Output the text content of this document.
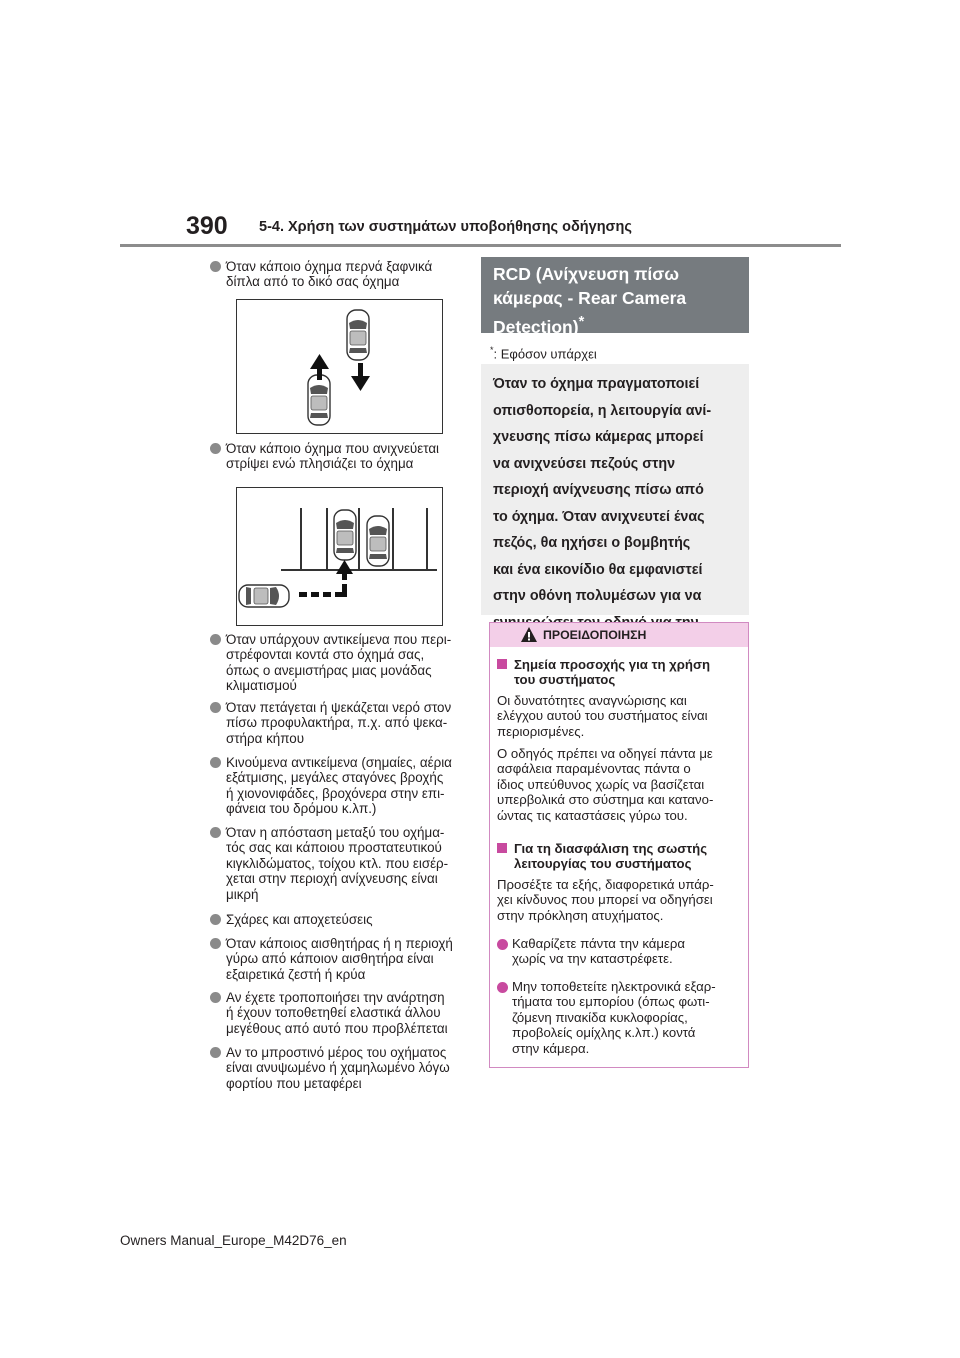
390 5-4. Χρήση των συστημάτων υποβοήθησης οδήγησης
Όταν κάποιο όχημα περνά ξαφνικά
δίπλα από το δικό σας όχημα
Όταν κάποιο όχημα που ανιχνεύεται
στρίψει ενώ πλησιάζει το όχημα
Όταν υπάρχουν αντικείμενα που περι-
στρέφονται κοντά στο όχημά σας,
όπως ο ανεμιστήρας μιας μονάδας
κλιματισμού
Όταν πετάγεται ή ψεκάζεται νερό στον
πίσω προφυλακτήρα, π.χ. από ψεκα-
στήρα κήπου
Κινούμενα αντικείμενα (σημαίες, αέρια
εξάτμισης, μεγάλες σταγόνες βροχής
ή χιονονιφάδες, βροχόνερα στην επι-
φάνεια του δρόμου κ.λπ.)
Όταν η απόσταση μεταξύ του οχήμα-
τός σας και κάποιου προστατευτικού
κιγκλιδώματος, τοίχου κτλ. που εισέρ-
χεται στην περιοχή ανίχνευσης είναι
μικρή
Σχάρες και αποχετεύσεις
Όταν κάποιος αισθητήρας ή η περιοχή
γύρω από κάποιον αισθητήρα είναι
εξαιρετικά ζεστή ή κρύα
Αν έχετε τροποποιήσει την ανάρτηση
ή έχουν τοποθετηθεί ελαστικά άλλου
μεγέθους από αυτό που προβλέπεται
Αν το μπροστινό μέρος του οχήματος
είναι ανυψωμένο ή χαμηλωμένο λόγω
φορτίου που μεταφέρει
RCD (Ανίχνευση πίσω
κάμερας - Rear Camera
Detection)*
*: Εφόσον υπάρχει
Όταν το όχημα πραγματοποιεί
οπισθοπορεία, η λειτουργία ανί-
χνευσης πίσω κάμερας μπορεί
να ανιχνεύσει πεζούς στην
περιοχή ανίχνευσης πίσω από
το όχημα. Όταν ανιχνευτεί ένας
πεζός, θα ηχήσει ο βομβητής
και ένα εικονίδιο θα εμφανιστεί
στην οθόνη πολυμέσων για να

ΠΡΟΕΙΔΟΠΟΙΗΣΗ
Σημεία προσοχής για τη χρήση
του συστήματος
Οι δυνατότητες αναγνώρισης και
ελέγχου αυτού του συστήματος είναι
περιορισμένες.
Ο οδηγός πρέπει να οδηγεί πάντα με
ασφάλεια παραμένοντας πάντα ο
ίδιος υπεύθυνος χωρίς να βασίζεται
υπερβολικά στο σύστημα και κατανο-
ώντας τις καταστάσεις γύρω του.
Για τη διασφάλιση της σωστής
λειτουργίας του συστήματος
Προσέξτε τα εξής, διαφορετικά υπάρ-
χει κίνδυνος που μπορεί να οδηγήσει
στην πρόκληση ατυχήματος.
Καθαρίζετε πάντα την κάμερα
χωρίς να την καταστρέφετε.
Μην τοποθετείτε ηλεκτρονικά εξαρ-
τήματα του εμπορίου (όπως φωτι-
ζόμενη πινακίδα κυκλοφορίας,
προβολείς ομίχλης κ.λπ.) κοντά
στην κάμερα.
Owners Manual_Europe_M42D76_en
